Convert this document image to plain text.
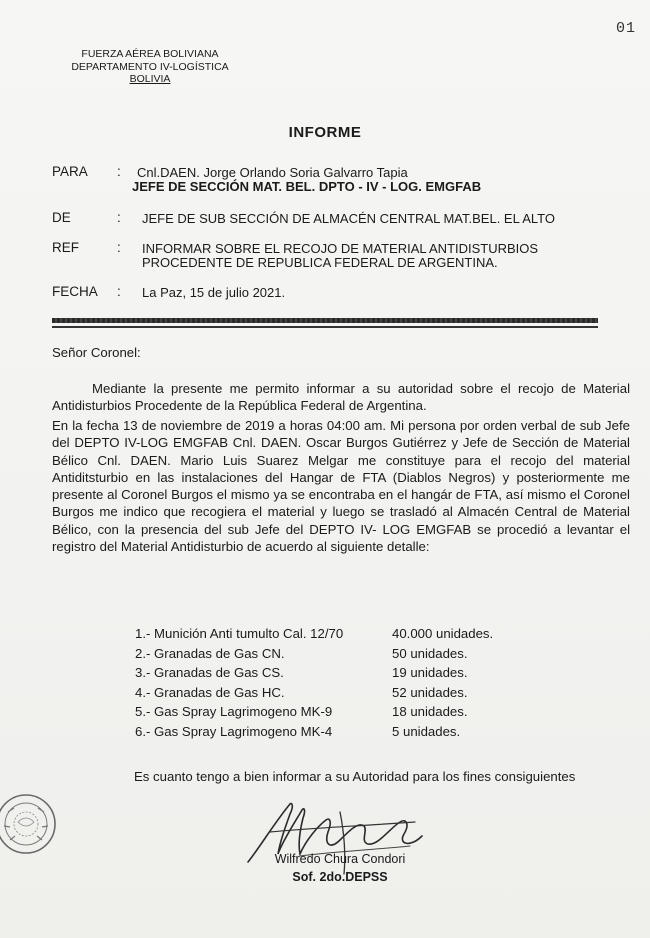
01
FUERZA AÉREA BOLIVIANA
DEPARTAMENTO IV-LOGÍSTICA
BOLIVIA
INFORME
PARA : Cnl.DAEN. Jorge Orlando Soria Galvarro Tapia
JEFE DE SECCIÓN MAT. BEL. DPTO - IV - LOG. EMGFAB
DE	: JEFE DE SUB SECCIÓN DE ALMACÉN CENTRAL MAT.BEL. EL ALTO
REF	: INFORMAR SOBRE EL RECOJO DE MATERIAL ANTIDISTURBIOS
PROCEDENTE DE REPUBLICA FEDERAL DE ARGENTINA.
FECHA : La Paz, 15 de julio 2021.
Señor Coronel:
Mediante la presente me permito informar a su autoridad sobre el recojo de Material Antidisturbios Procedente de la República Federal de Argentina.
En la fecha 13 de noviembre de 2019 a horas 04:00 am. Mi persona por orden verbal de sub Jefe del DEPTO IV-LOG EMGFAB Cnl. DAEN. Oscar Burgos Gutiérrez y Jefe de Sección de Material Bélico Cnl. DAEN. Mario Luis Suarez Melgar me constituye para el recojo del material Antiditsturbio en las instalaciones del Hangar de FTA (Diablos Negros) y posteriormente me presente al Coronel Burgos el mismo ya se encontraba en el hangár de FTA, así mismo el Coronel Burgos me indico que recogiera el material y luego se trasladó al Almacén Central de Material Bélico, con la presencia del sub Jefe del DEPTO IV- LOG EMGFAB se procedió a levantar el registro del Material Antidisturbio de acuerdo al siguiente detalle:
1.- Munición Anti tumulto Cal. 12/70	40.000 unidades.
2.- Granadas de Gas CN.	50 unidades.
3.- Granadas de Gas CS.	19 unidades.
4.- Granadas de Gas HC.	52 unidades.
5.- Gas Spray Lagrimogeno MK-9	18 unidades.
6.- Gas Spray Lagrimogeno MK-4	5 unidades.
Es cuanto tengo a bien informar a su Autoridad para los fines consiguientes
Wilfredo Chura Condori
Sof. 2do.DEPSS
